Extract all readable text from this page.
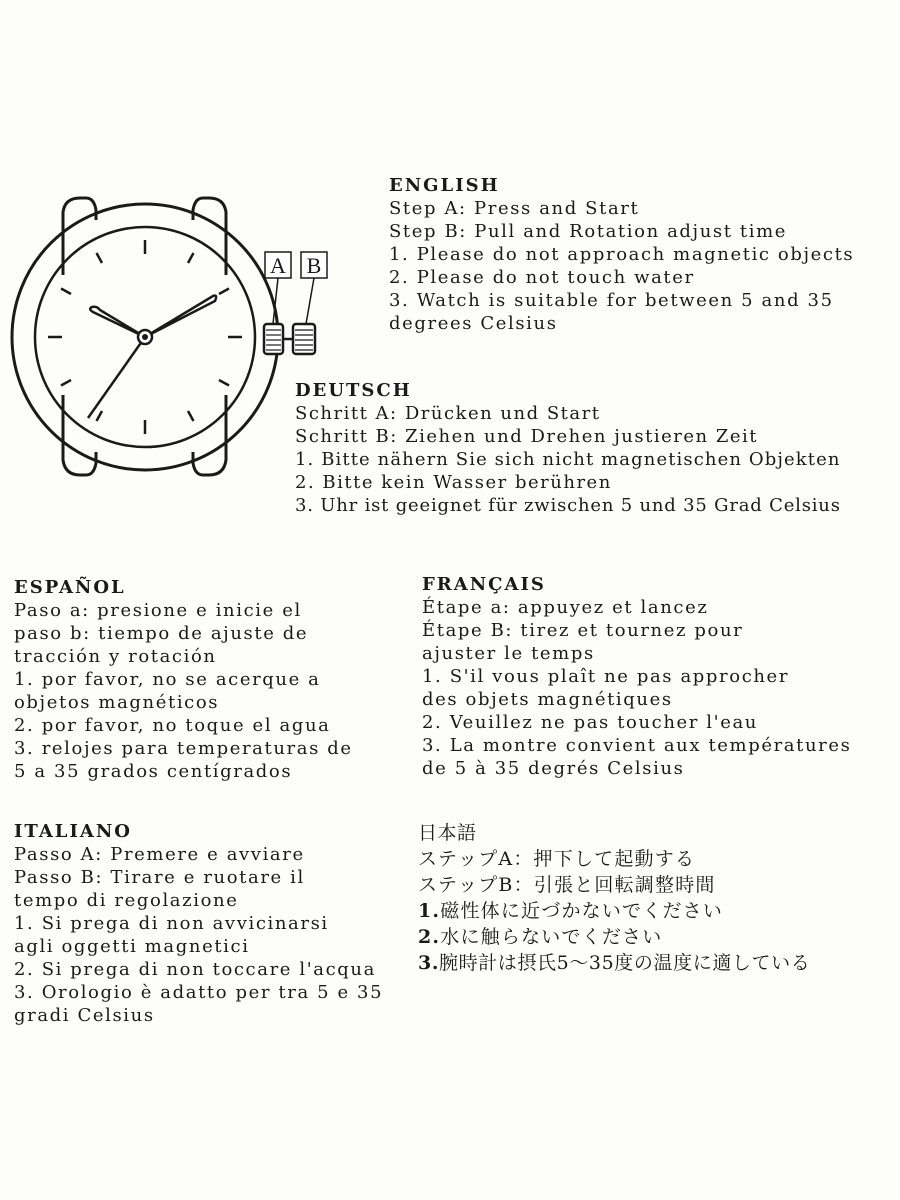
A B
ENGLISH
Step A: Press and Start
Step B: Pull and Rotation adjust time
1. Please do not approach magnetic objects
2. Please do not touch water
3. Watch is suitable for between 5 and 35
degrees Celsius
DEUTSCH
Schritt A: Drücken und Start
Schritt B: Ziehen und Drehen justieren Zeit
1. Bitte nähern Sie sich nicht magnetischen Objekten
2. Bitte kein Wasser berühren
3. Uhr ist geeignet für zwischen 5 und 35 Grad Celsius
ESPAÑOL
Paso a: presione e inicie el
paso b: tiempo de ajuste de
tracción y rotación
1. por favor, no se acerque a
objetos magnéticos
2. por favor, no toque el agua
3. relojes para temperaturas de
5 a 35 grados centígrados
FRANÇAIS
Étape a: appuyez et lancez
Étape B: tirez et tournez pour
ajuster le temps
1. S'il vous plaît ne pas approcher
des objets magnétiques
2. Veuillez ne pas toucher l'eau
3. La montre convient aux températures
de 5 à 35 degrés Celsius
ITALIANO
Passo A: Premere e avviare
Passo B: Tirare e ruotare il
tempo di regolazione
1. Si prega di non avvicinarsi
agli oggetti magnetici
2. Si prega di non toccare l'acqua
3. Orologio è adatto per tra 5 e 35
gradi Celsius
日本語
ステップA：押下して起動する
ステップB：引張と回転調整時間
1.磁性体に近づかないでください
2.水に触らないでください
3.腕時計は摂氏5～35度の温度に適している
